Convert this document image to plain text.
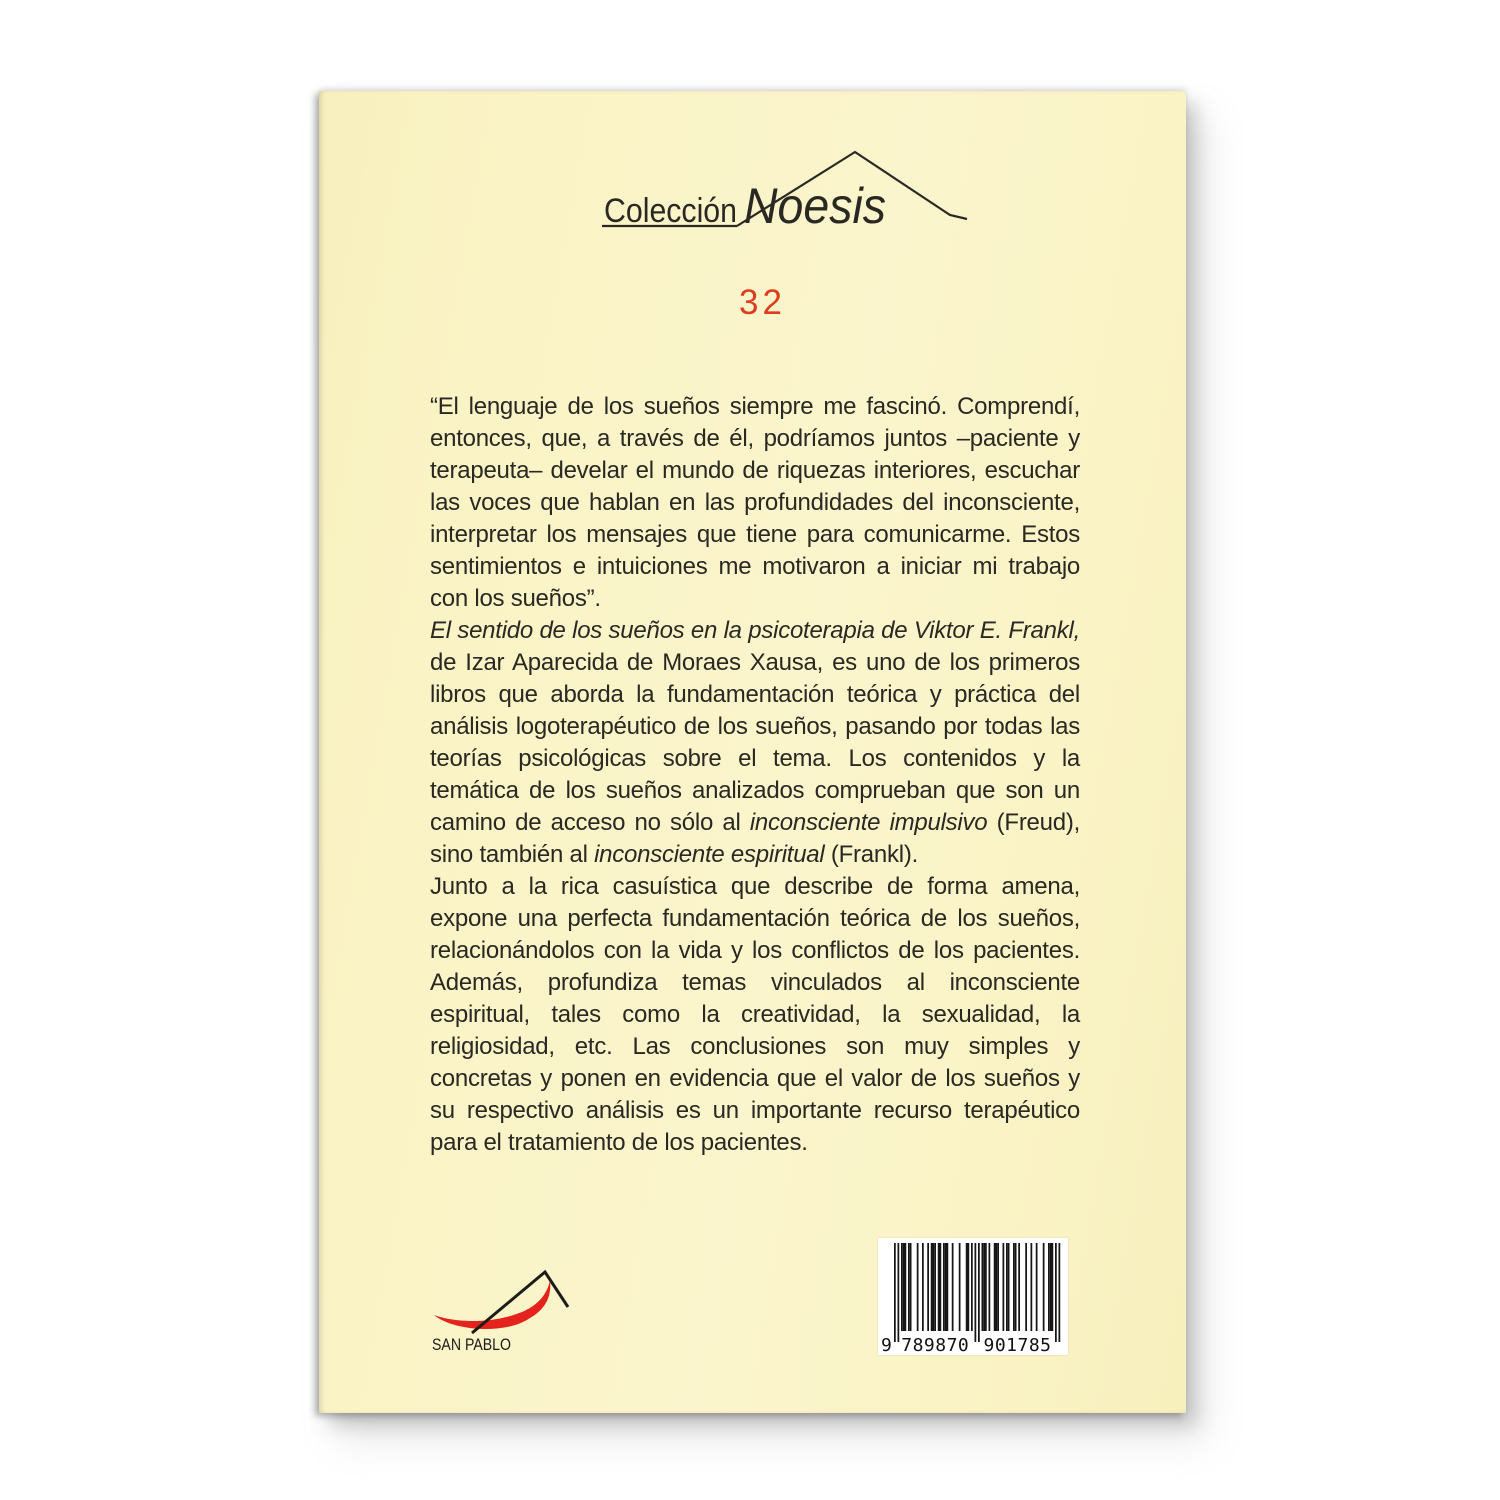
Colección Noesis
32

“El lenguaje de los sueños siempre me fascinó. Comprendí, entonces, que, a través de él, podríamos juntos –paciente y terapeuta– develar el mundo de riquezas interiores, escuchar las voces que hablan en las profundidades del inconsciente, interpretar los mensajes que tiene para comunicarme. Estos sentimientos e intuiciones me motivaron a iniciar mi trabajo con los sueños”.

El sentido de los sueños en la psicoterapia de Viktor E. Frankl, de Izar Aparecida de Moraes Xausa, es uno de los primeros libros que aborda la fundamentación teórica y práctica del análisis logoterapéutico de los sueños, pasando por todas las teorías psicológicas sobre el tema. Los contenidos y la temática de los sueños analizados comprueban que son un camino de acceso no sólo al inconsciente impulsivo (Freud), sino también al inconsciente espiritual (Frankl).

Junto a la rica casuística que describe de forma amena, expone una perfecta fundamentación teórica de los sueños, relacionándolos con la vida y los conflictos de los pacientes. Además, profundiza temas vinculados al inconsciente espiritual, tales como la creatividad, la sexualidad, la religiosidad, etc. Las conclusiones son muy simples y concretas y ponen en evidencia que el valor de los sueños y su respectivo análisis es un importante recurso terapéutico para el tratamiento de los pacientes.

SAN PABLO	9 789870 901785
